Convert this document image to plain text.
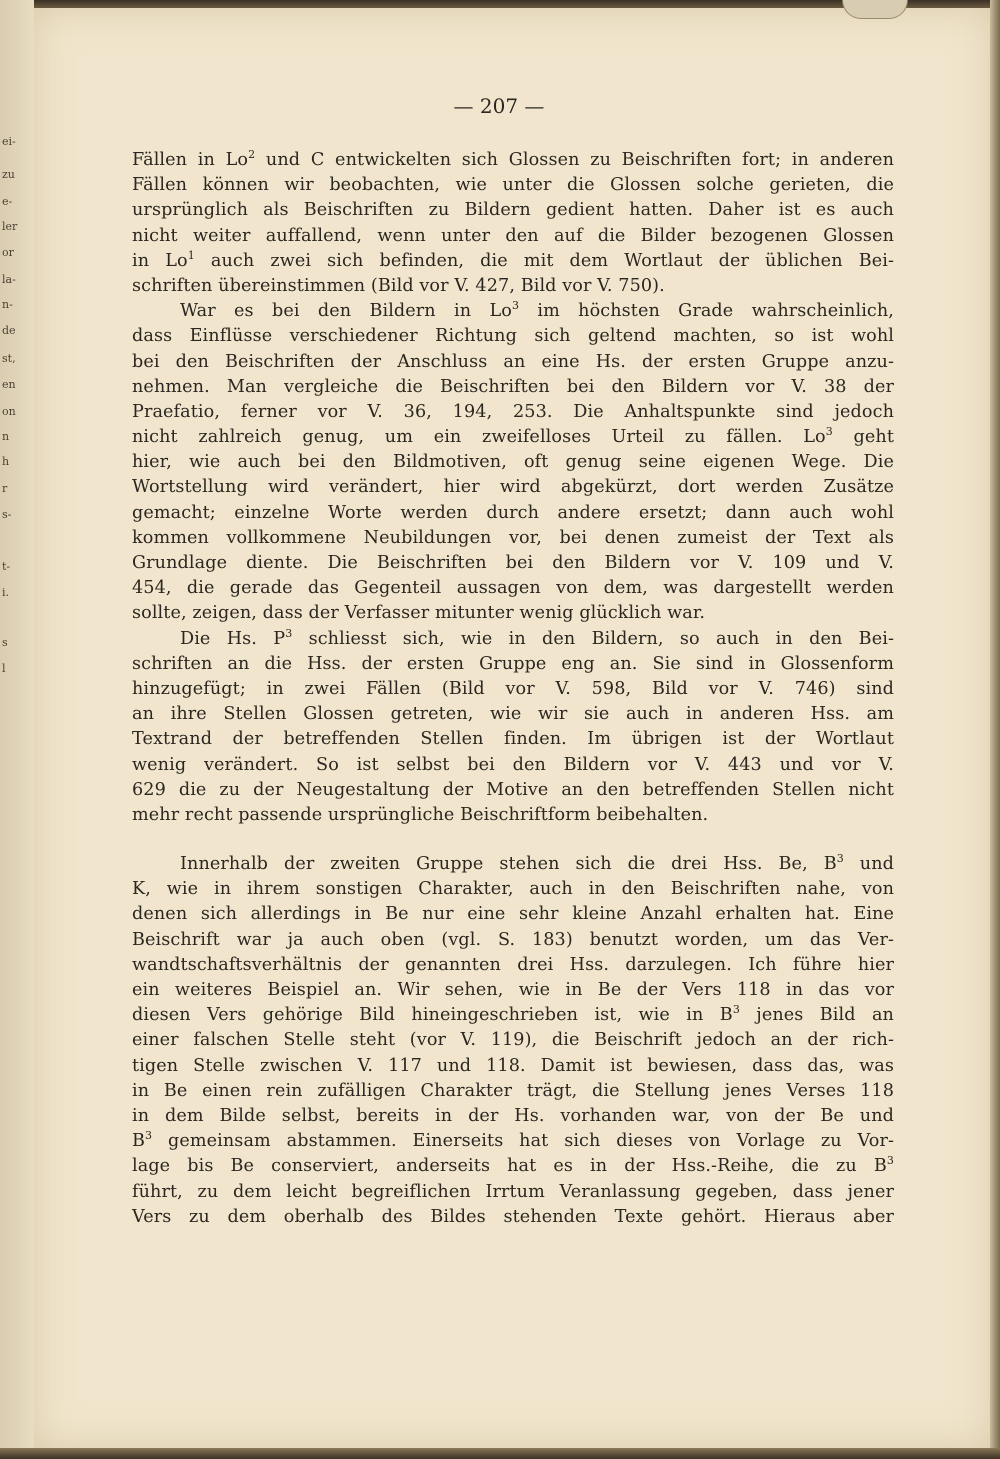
ei-
zu
e-
ler
or
la-
n-
de
st,
en
on
n
h
r
s-
t-
i.
s
l
— 207 —
Fällen in Lo$^2$ und C entwickelten sich Glossen zu Beischriften fort; in anderen
Fällen können wir beobachten, wie unter die Glossen solche gerieten, die
ursprünglich als Beischriften zu Bildern gedient hatten. Daher ist es auch
nicht weiter auffallend, wenn unter den auf die Bilder bezogenen Glossen
in Lo$^1$ auch zwei sich befinden, die mit dem Wortlaut der üblichen Bei-
schriften übereinstimmen (Bild vor V. 427, Bild vor V. 750).
War es bei den Bildern in Lo$^3$ im höchsten Grade wahrscheinlich,
dass Einflüsse verschiedener Richtung sich geltend machten, so ist wohl
bei den Beischriften der Anschluss an eine Hs. der ersten Gruppe anzu-
nehmen. Man vergleiche die Beischriften bei den Bildern vor V. 38 der
Praefatio, ferner vor V. 36, 194, 253. Die Anhaltspunkte sind jedoch
nicht zahlreich genug, um ein zweifelloses Urteil zu fällen. Lo$^3$ geht
hier, wie auch bei den Bildmotiven, oft genug seine eigenen Wege. Die
Wortstellung wird verändert, hier wird abgekürzt, dort werden Zusätze
gemacht; einzelne Worte werden durch andere ersetzt; dann auch wohl
kommen vollkommene Neubildungen vor, bei denen zumeist der Text als
Grundlage diente. Die Beischriften bei den Bildern vor V. 109 und V.
454, die gerade das Gegenteil aussagen von dem, was dargestellt werden
sollte, zeigen, dass der Verfasser mitunter wenig glücklich war.
Die Hs. $P^3$ schliesst sich, wie in den Bildern, so auch in den Bei-
schriften an die Hss. der ersten Gruppe eng an. Sie sind in Glossenform
hinzugefügt; in zwei Fällen (Bild vor V. 598, Bild vor V. 746) sind
an ihre Stellen Glossen getreten, wie wir sie auch in anderen Hss. am
Textrand der betreffenden Stellen finden. Im übrigen ist der Wortlaut
wenig verändert. So ist selbst bei den Bildern vor V. 443 und vor V.
629 die zu der Neugestaltung der Motive an den betreffenden Stellen nicht
mehr recht passende ursprüngliche Beischriftform beibehalten.
Innerhalb der zweiten Gruppe stehen sich die drei Hss. Be, $B^3$ und
K, wie in ihrem sonstigen Charakter, auch in den Beischriften nahe, von
denen sich allerdings in Be nur eine sehr kleine Anzahl erhalten hat. Eine
Beischrift war ja auch oben (vgl. S. 183) benutzt worden, um das Ver-
wandtschaftsverhältnis der genannten drei Hss. darzulegen. Ich führe hier
ein weiteres Beispiel an. Wir sehen, wie in Be der Vers 118 in das vor
diesen Vers gehörige Bild hineingeschrieben ist, wie in $B^3$ jenes Bild an
einer falschen Stelle steht (vor V. 119), die Beischrift jedoch an der rich-
tigen Stelle zwischen V. 117 und 118. Damit ist bewiesen, dass das, was
in Be einen rein zufälligen Charakter trägt, die Stellung jenes Verses 118
in dem Bilde selbst, bereits in der Hs. vorhanden war, von der Be und
$B^3$ gemeinsam abstammen. Einerseits hat sich dieses von Vorlage zu Vor-
lage bis Be conserviert, anderseits hat es in der Hss.-Reihe, die zu $B^3$
führt, zu dem leicht begreiflichen Irrtum Veranlassung gegeben, dass jener
Vers zu dem oberhalb des Bildes stehenden Texte gehört. Hieraus aber
